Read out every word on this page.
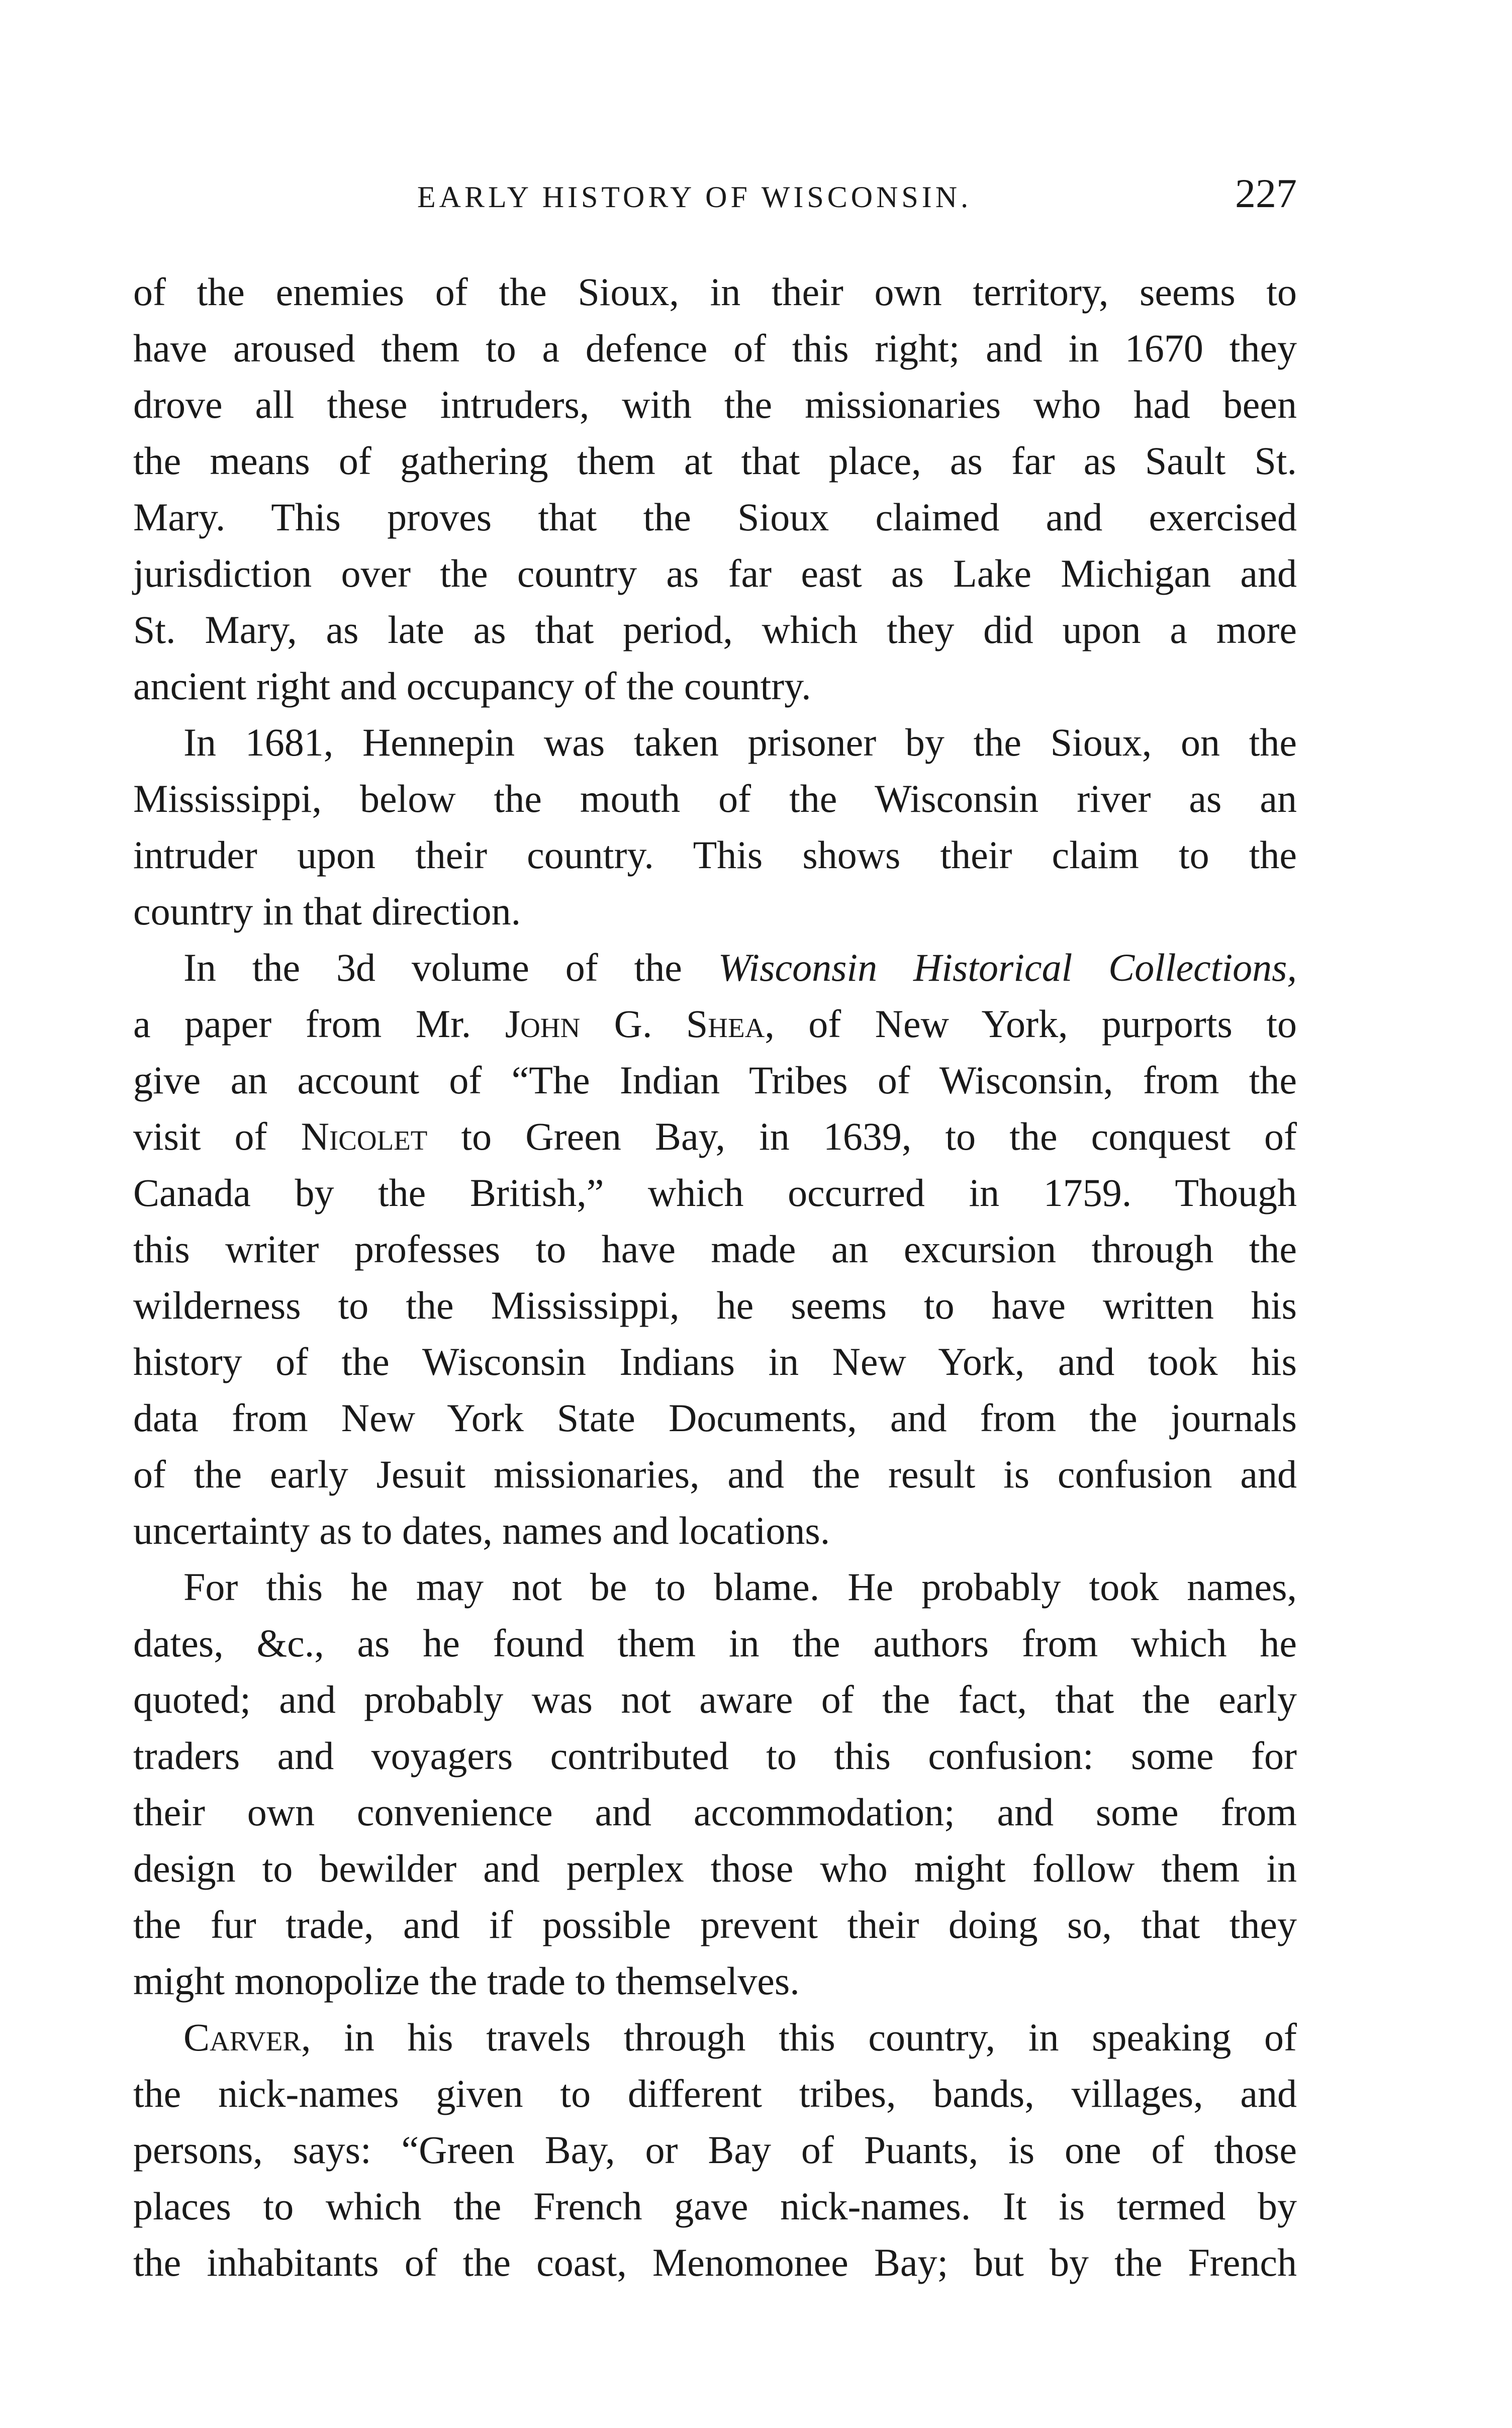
EARLY HISTORY OF WISCONSIN.	227
of the enemies of the Sioux, in their own territory, seems to
have aroused them to a defence of this right; and in 1670 they
drove all these intruders, with the missionaries who had been
the means of gathering them at that place, as far as Sault St.
Mary. This proves that the Sioux claimed and exercised
jurisdiction over the country as far east as Lake Michigan and
St. Mary, as late as that period, which they did upon a more
ancient right and occupancy of the country.
In 1681, Hennepin was taken prisoner by the Sioux, on the
Mississippi, below the mouth of the Wisconsin river as an
intruder upon their country. This shows their claim to the
country in that direction.
In the 3d volume of the Wisconsin Historical Collections,
a paper from Mr. John G. Shea, of New York, purports to
give an account of “The Indian Tribes of Wisconsin, from the
visit of Nicolet to Green Bay, in 1639, to the conquest of
Canada by the British,” which occurred in 1759. Though
this writer professes to have made an excursion through the
wilderness to the Mississippi, he seems to have written his
history of the Wisconsin Indians in New York, and took his
data from New York State Documents, and from the journals
of the early Jesuit missionaries, and the result is confusion and
uncertainty as to dates, names and locations.
For this he may not be to blame. He probably took names,
dates, &c., as he found them in the authors from which he
quoted; and probably was not aware of the fact, that the early
traders and voyagers contributed to this confusion: some for
their own convenience and accommodation; and some from
design to bewilder and perplex those who might follow them in
the fur trade, and if possible prevent their doing so, that they
might monopolize the trade to themselves.
Carver, in his travels through this country, in speaking of
the nick-names given to different tribes, bands, villages, and
persons, says: “Green Bay, or Bay of Puants, is one of those
places to which the French gave nick-names. It is termed by
the inhabitants of the coast, Menomonee Bay; but by the French
